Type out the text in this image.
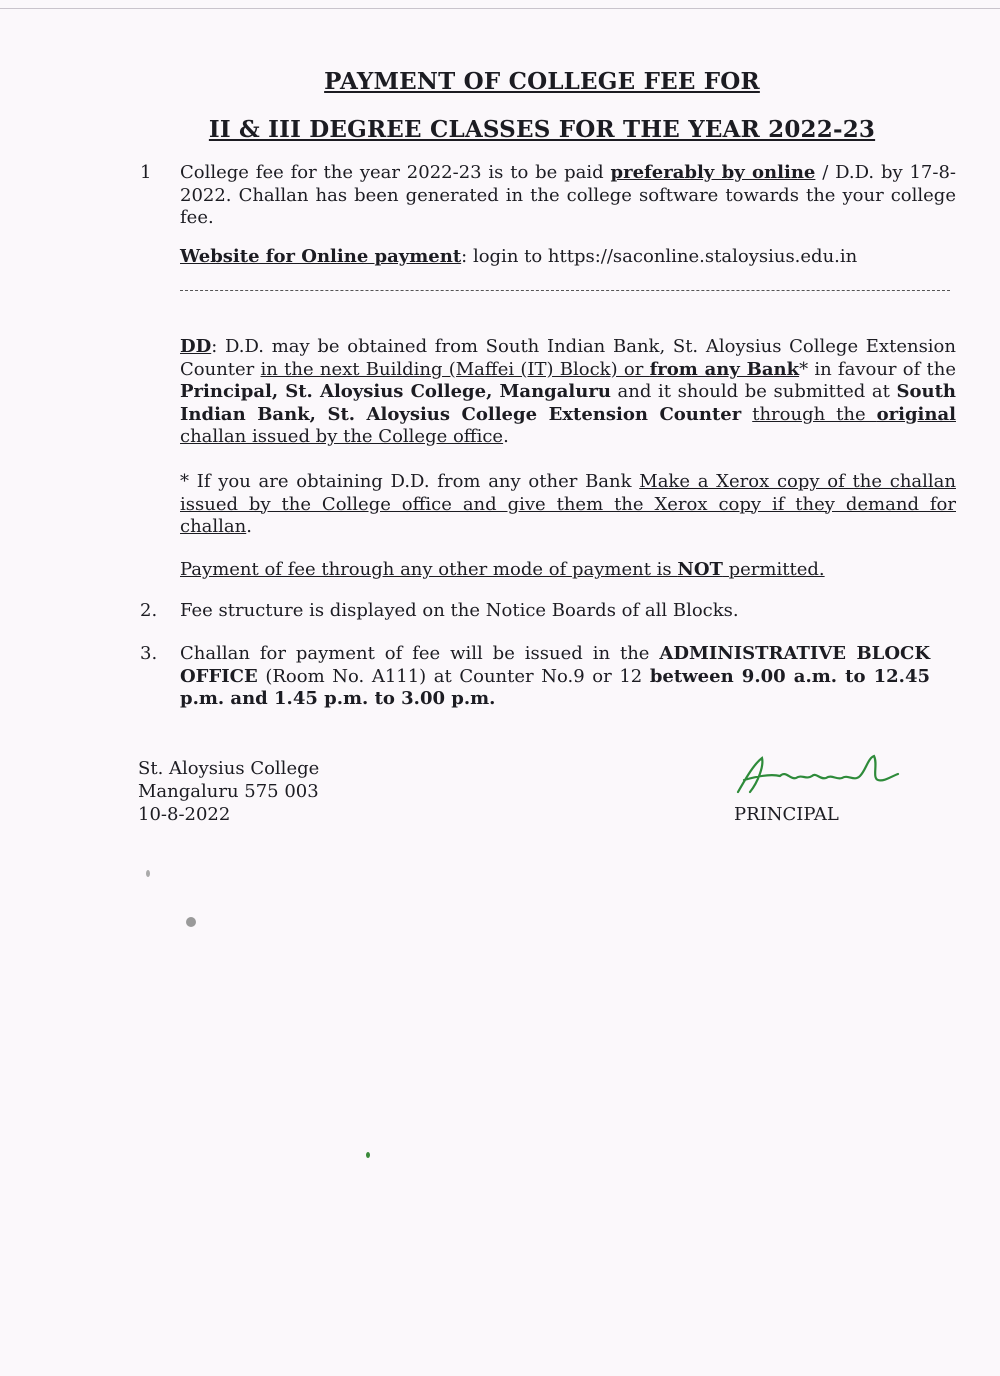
PAYMENT OF COLLEGE FEE FOR
II & III DEGREE CLASSES FOR THE YEAR 2022-23
1 College fee for the year 2022-23 is to be paid preferably by online / D.D. by 17-8-2022. Challan has been generated in the college software towards the your college fee.
Website for Online payment: login to https://saconline.staloysius.edu.in
DD: D.D. may be obtained from South Indian Bank, St. Aloysius College Extension Counter in the next Building (Maffei (IT) Block) or from any Bank* in favour of the Principal, St. Aloysius College, Mangaluru and it should be submitted at South Indian Bank, St. Aloysius College Extension Counter through the original challan issued by the College office.
* If you are obtaining D.D. from any other Bank Make a Xerox copy of the challan issued by the College office and give them the Xerox copy if they demand for challan.
Payment of fee through any other mode of payment is NOT permitted.
2. Fee structure is displayed on the Notice Boards of all Blocks.
3. Challan for payment of fee will be issued in the ADMINISTRATIVE BLOCK OFFICE (Room No. A111) at Counter No.9 or 12 between 9.00 a.m. to 12.45 p.m. and 1.45 p.m. to 3.00 p.m.
St. Aloysius College
Mangaluru 575 003
10-8-2022	PRINCIPAL
